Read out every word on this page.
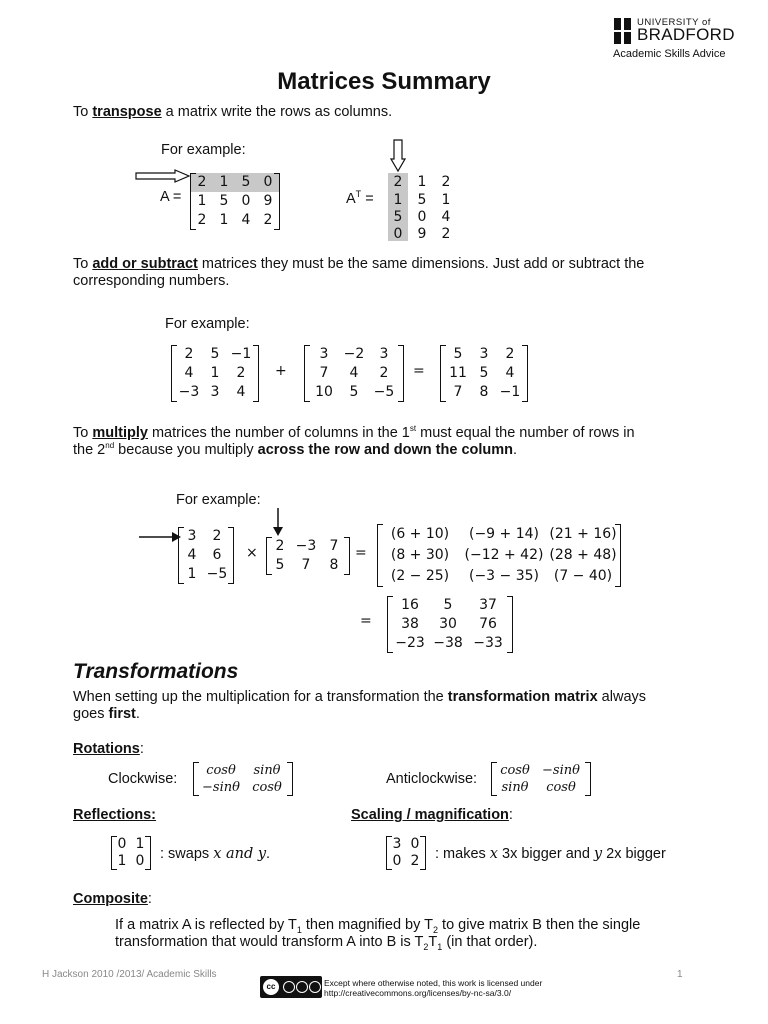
UNIVERSITY of
BRADFORD
Academic Skills Advice
Matrices Summary
To transpose a matrix write the rows as columns.
For example:
A =
2 1 5 0
1 5 0 9
2 1 4 2
$A^T$ =
2	1	2
1	5	1
5	0	4
0	9	2
To add or subtract matrices they must be the same dimensions. Just add or subtract the
corresponding numbers.
For example:
2	5 −1
4	1	2
−3 3	4
+
3	−2	3
7	4	2
10	5	−5
=
5	3	2
11 5	4
7	8 −1
To multiply matrices the number of columns in the 1st must equal the number of rows in
the 2nd because you multiply across the row and down the column.
For example:
3	2
4	6
1 −5
×	2 −3 7
5	7	8
=
(6 + 10)	(−9 + 14) (21 + 16)
(8 + 30)	(−12 + 42) (28 + 48)
(2 − 25)	(−3 − 35)	(7 − 40)
=
16	5	37
38	30	76
−23 −38 −33
Transformations
When setting up the multiplication for a transformation the transformation matrix always
goes first.
Rotations:
Clockwise:
cosθ	sinθ
−sinθ cosθ
Anticlockwise:
cosθ −sinθ
sinθ	cosθ
Reflections:
0 1
1 0	: swaps x and y.
Scaling / magnification:
3 0
0 2	: makes x 3x bigger and y 2x bigger
Composite:
If a matrix A is reflected by $T_1$ then magnified by $T_2$ to give matrix B then the single
transformation that would transform A into B is $T_2T_1$ (in that order).
H Jackson 2010 /2013/ Academic Skills	1
cc	Except where otherwise noted, this work is licensed under
http://creativecommons.org/licenses/by-nc-sa/3.0/
